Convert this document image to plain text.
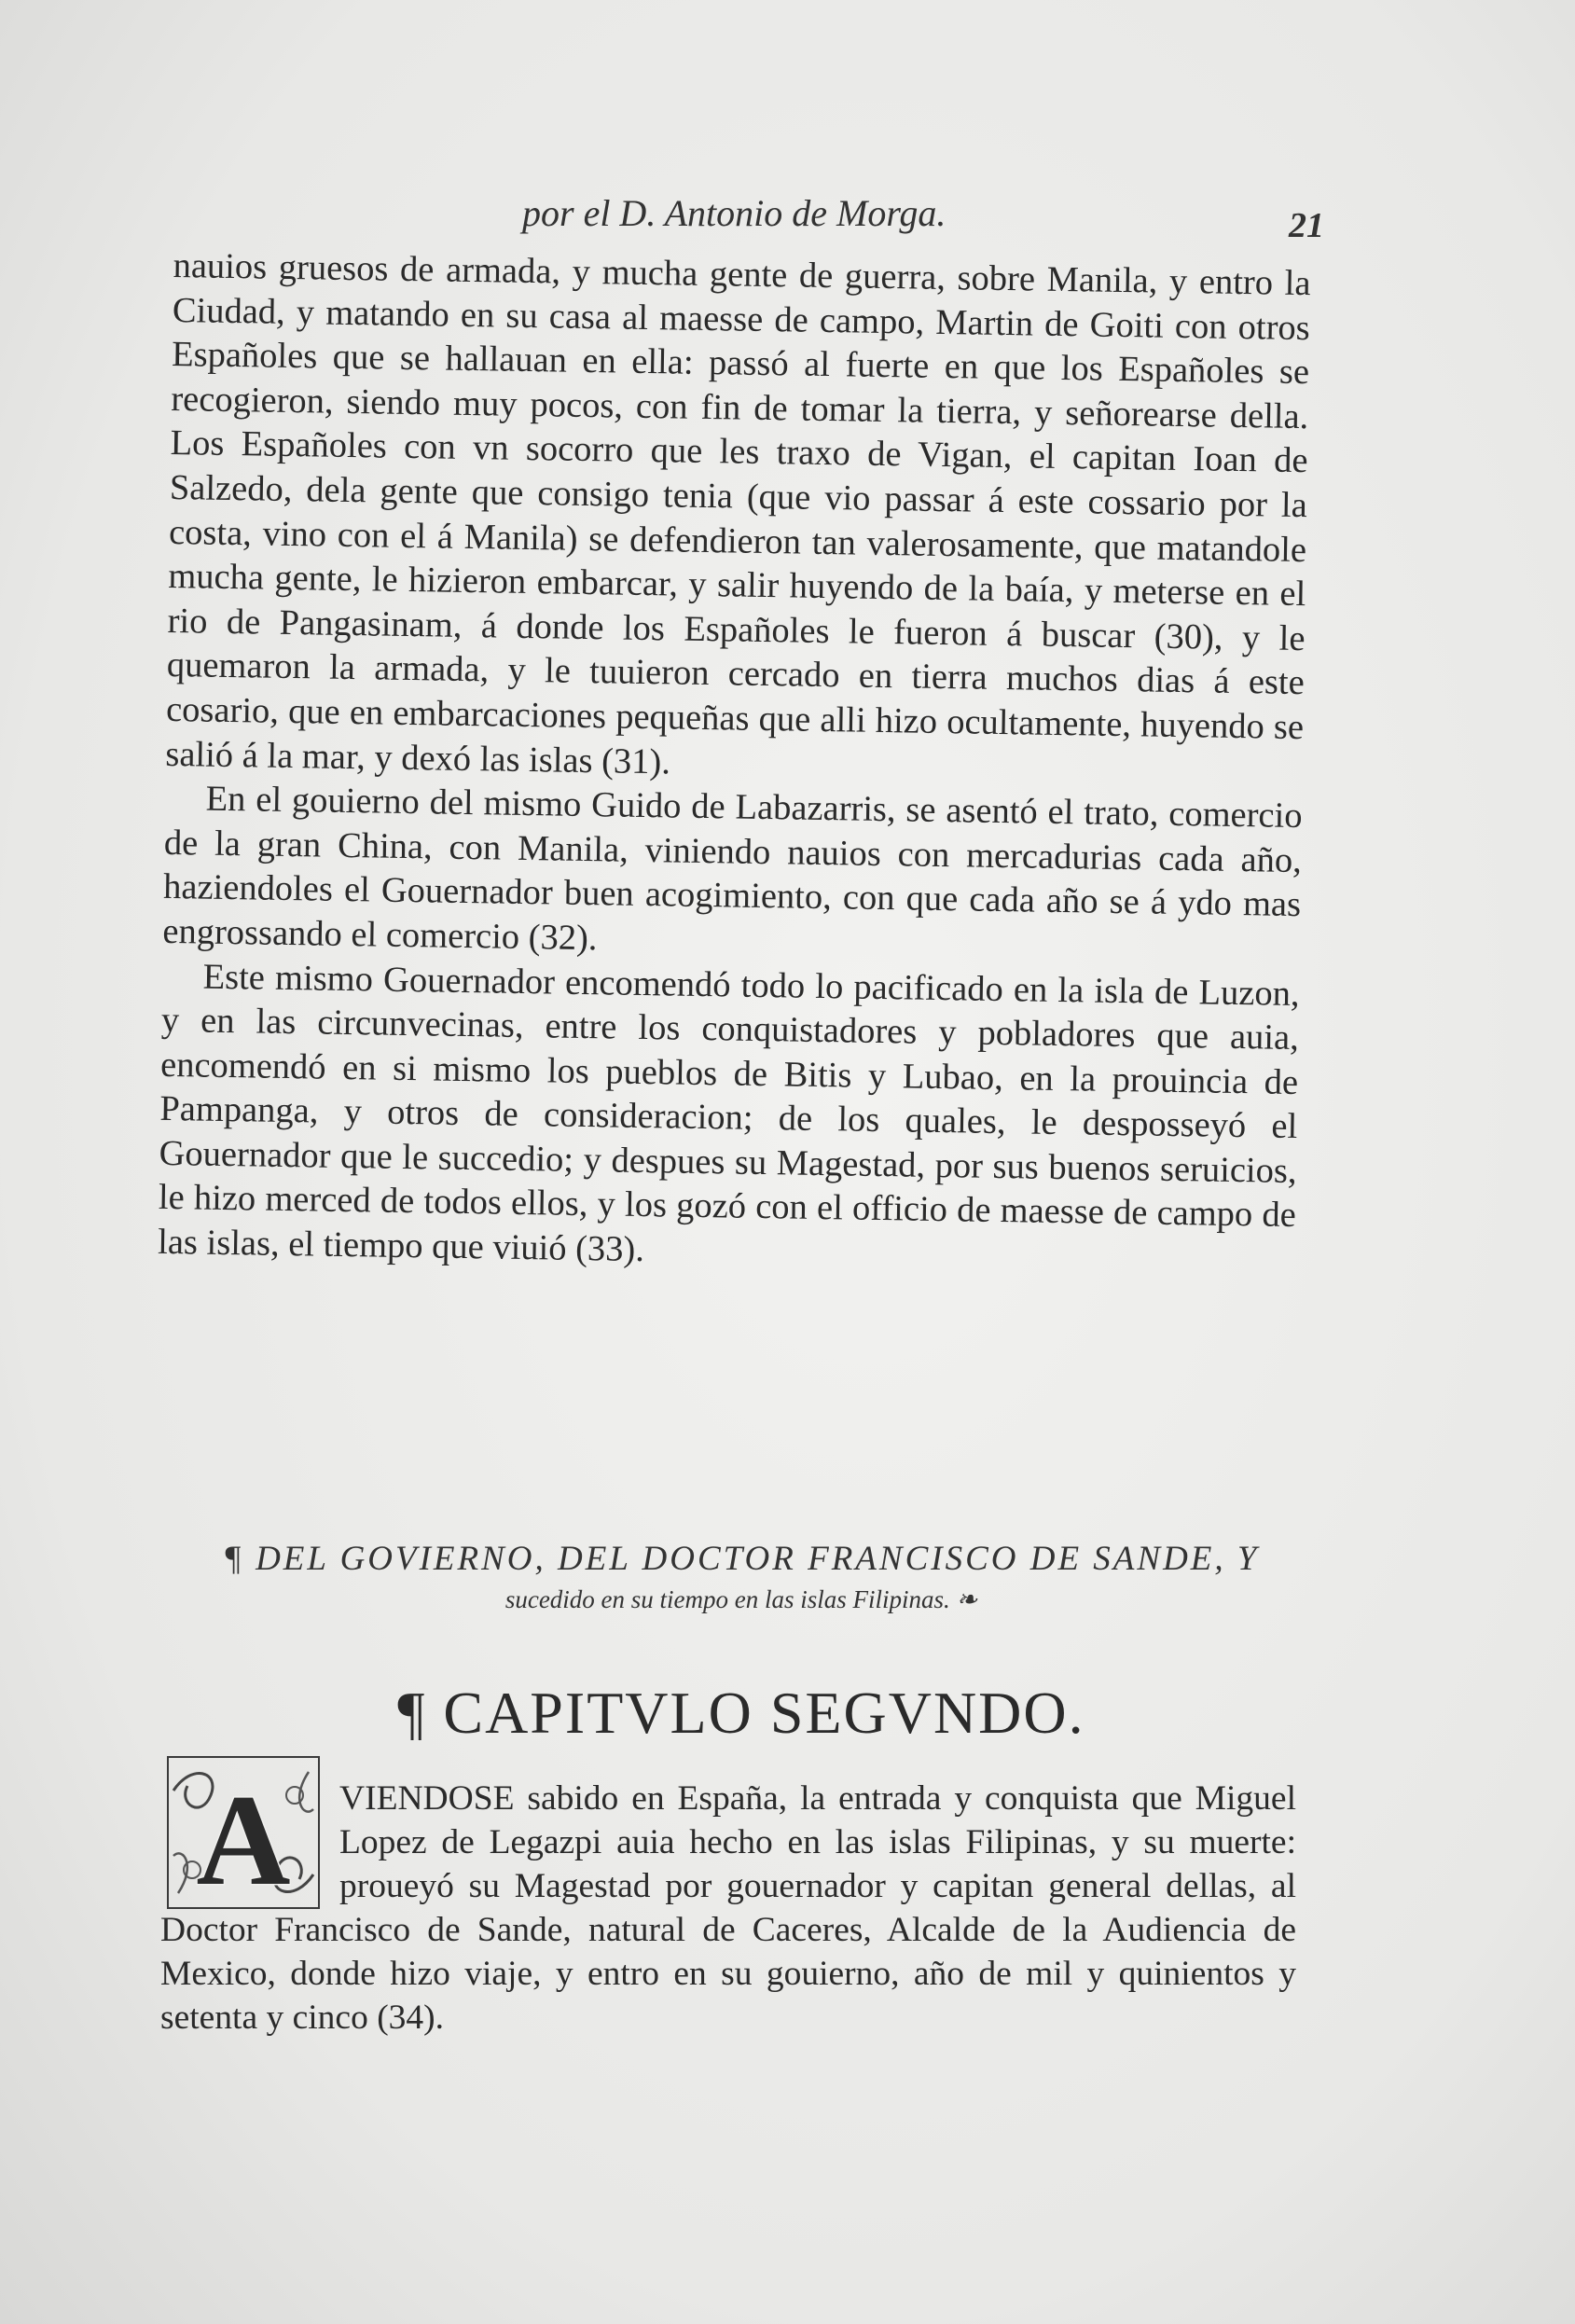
por el D. Antonio de Morga.	21

nauios gruesos de armada, y mucha gente de guerra, sobre Manila, y entro la Ciudad, y matando en su casa al maesse de campo, Martin de Goiti con otros Españoles que se hallauan en ella: passó al fuerte en que los Españoles se recogieron, siendo muy pocos, con fin de tomar la tierra, y señorearse della. Los Españoles con vn socorro que les traxo de Vigan, el capitan Ioan de Salzedo, dela gente que consigo tenia (que vio passar á este cossario por la costa, vino con el á Manila) se defendieron tan valerosamente, que matandole mucha gente, le hizieron embarcar, y salir huyendo de la baía, y meterse en el rio de Pangasinam, á donde los Españoles le fueron á buscar (30), y le quemaron la armada, y le tuuieron cercado en tierra muchos dias á este cosario, que en embarcaciones pequeñas que alli hizo ocultamente, huyendo se salió á la mar, y dexó las islas (31).

En el gouierno del mismo Guido de Labazarris, se asentó el trato, comercio de la gran China, con Manila, viniendo nauios con mercadurias cada año, haziendoles el Gouernador buen acogimiento, con que cada año se á ydo mas engrossando el comercio (32).

Este mismo Gouernador encomendó todo lo pacificado en la isla de Luzon, y en las circunvecinas, entre los conquistadores y pobladores que auia, encomendó en si mismo los pueblos de Bitis y Lubao, en la prouincia de Pampanga, y otros de consideracion; de los quales, le desposseyó el Gouernador que le succedio; y despues su Magestad, por sus buenos seruicios, le hizo merced de todos ellos, y los gozó con el officio de maesse de campo de las islas, el tiempo que viuió (33).

¶ DEL GOVIERNO, DEL DOCTOR FRANCISCO DE SANDE, Y
sucedido en su tiempo en las islas Filipinas. ❧
¶ CAPITVLO SEGVNDO.
VIENDOSE sabido en España, la entrada y conquista que Miguel Lopez de Legazpi auia hecho en las islas Filipinas, y su muerte: proueyó su Magestad por gouernador y capitan general dellas, al Doctor Francisco de Sande, natural de Caceres, Alcalde de la Audiencia de Mexico, donde hizo viaje, y entro en su gouierno, año de mil y quinientos y setenta y cinco (34).
A
